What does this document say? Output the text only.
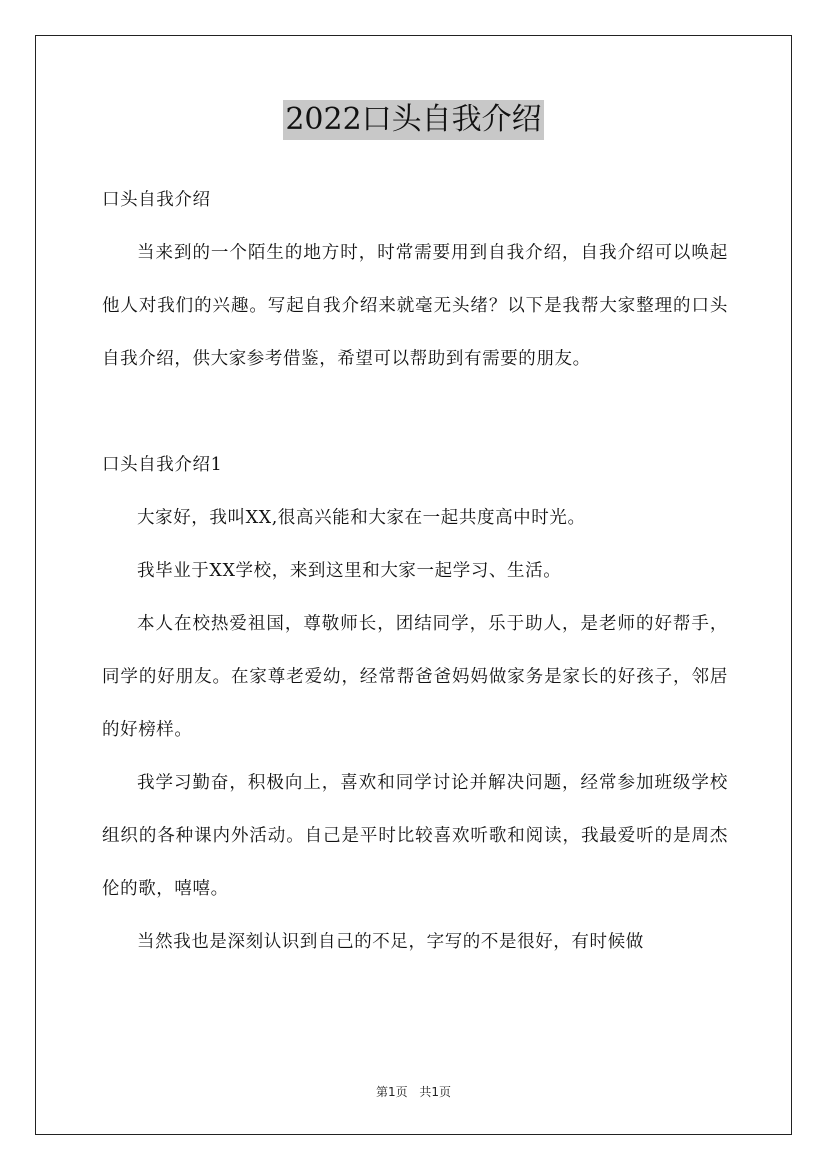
2022口头自我介绍

口头自我介绍

当来到的一个陌生的地方时，时常需要用到自我介绍，自我介绍可以唤起他人对我们的兴趣。写起自我介绍来就毫无头绪？以下是我帮大家整理的口头自我介绍，供大家参考借鉴，希望可以帮助到有需要的朋友。

口头自我介绍1

大家好，我叫XX,很高兴能和大家在一起共度高中时光。

我毕业于XX学校，来到这里和大家一起学习、生活。

本人在校热爱祖国，尊敬师长，团结同学，乐于助人，是老师的好帮手，同学的好朋友。在家尊老爱幼，经常帮爸爸妈妈做家务是家长的好孩子，邻居的好榜样。

我学习勤奋，积极向上，喜欢和同学讨论并解决问题，经常参加班级学校组织的各种课内外活动。自己是平时比较喜欢听歌和阅读，我最爱听的是周杰伦的歌，嘻嘻。

当然我也是深刻认识到自己的不足，字写的不是很好，有时候做

第1页 共1页
